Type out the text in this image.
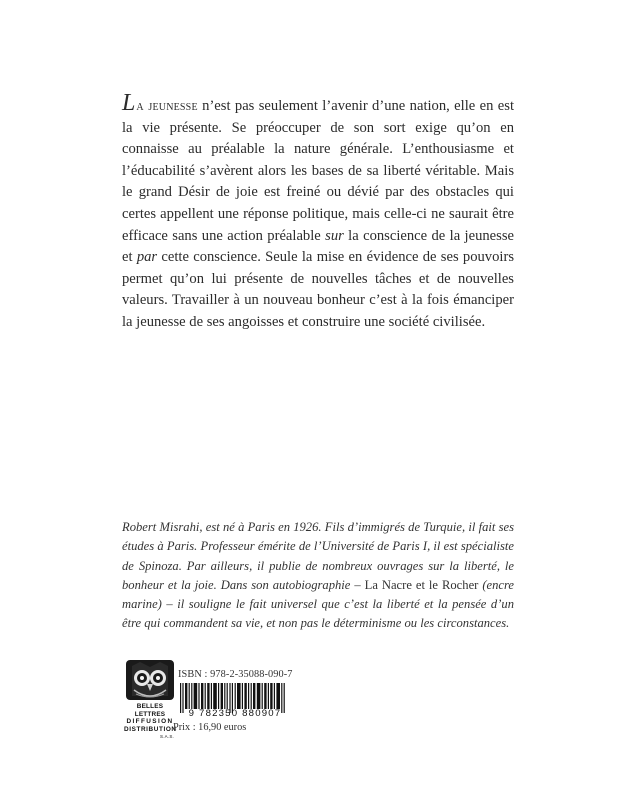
La jeunesse n’est pas seulement l’avenir d’une nation, elle en est la vie présente. Se préoccuper de son sort exige qu’on en connaisse au préalable la nature générale. L’enthousiasme et l’éducabilité s’avèrent alors les bases de sa liberté véritable. Mais le grand Désir de joie est freiné ou dévié par des obstacles qui certes appellent une réponse politique, mais celle-ci ne saurait être efficace sans une action préalable sur la conscience de la jeunesse et par cette conscience. Seule la mise en évidence de ses pouvoirs permet qu’on lui présente de nouvelles tâches et de nouvelles valeurs. Travailler à un nouveau bonheur c’est à la fois émanciper la jeunesse de ses angoisses et construire une société civilisée.
Robert Misrahi, est né à Paris en 1926. Fils d’immigrés de Turquie, il fait ses études à Paris. Professeur émérite de l’Université de Paris I, il est spécialiste de Spinoza. Par ailleurs, il publie de nombreux ouvrages sur la liberté, le bonheur et la joie. Dans son autobiographie – La Nacre et le Rocher (encre marine) – il souligne le fait universel que c’est la liberté et la pensée d’un être qui commandent sa vie, et non pas le déterminisme ou les circonstances.
BELLES LETTRES
DIFFUSION
DISTRIBUTION
S.A.S.
ISBN : 978-2-35088-090-7
9 782350 880907
Prix : 16,90 euros
